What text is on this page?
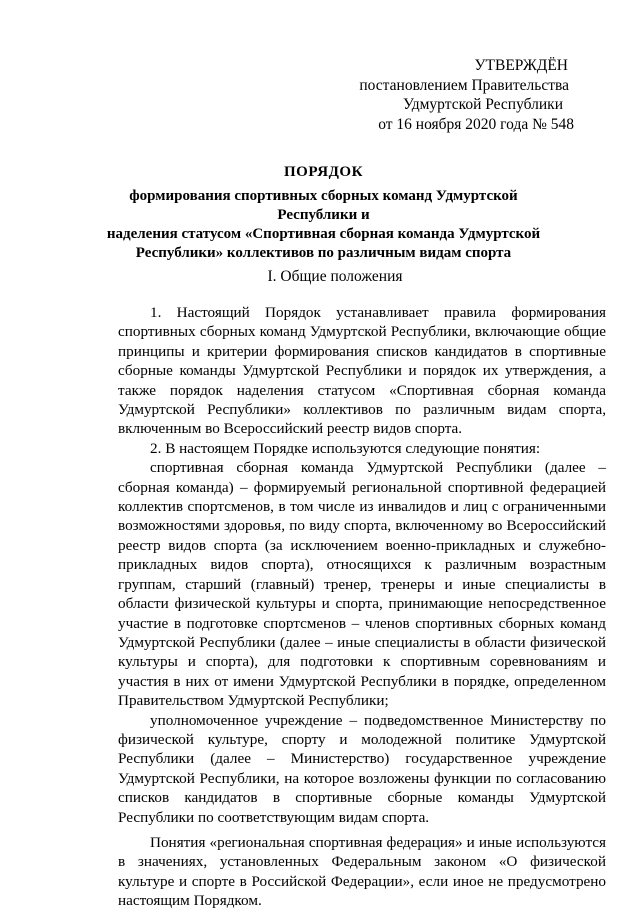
УТВЕРЖДЁН
постановлением Правительства
Удмуртской Республики
от 16 ноября 2020 года № 548
ПОРЯДОК
формирования спортивных сборных команд Удмуртской Республики и
наделения статусом «Спортивная сборная команда Удмуртской
Республики» коллективов по различным видам спорта
I. Общие положения

1. Настоящий Порядок устанавливает правила формирования спортивных сборных команд Удмуртской Республики, включающие общие принципы и критерии формирования списков кандидатов в спортивные сборные команды Удмуртской Республики и порядок их утверждения, а также порядок наделения статусом «Спортивная сборная команда Удмуртской Республики» коллективов по различным видам спорта, включенным во Всероссийский реестр видов спорта.

2. В настоящем Порядке используются следующие понятия:

спортивная сборная команда Удмуртской Республики (далее – сборная команда) – формируемый региональной спортивной федерацией коллектив спортсменов, в том числе из инвалидов и лиц с ограниченными возможностями здоровья, по виду спорта, включенному во Всероссийский реестр видов спорта (за исключением военно-прикладных и служебно-прикладных видов спорта), относящихся к различным возрастным группам, старший (главный) тренер, тренеры и иные специалисты в области физической культуры и спорта, принимающие непосредственное участие в подготовке спортсменов – членов спортивных сборных команд Удмуртской Республики (далее – иные специалисты в области физической культуры и спорта), для подготовки к спортивным соревнованиям и участия в них от имени Удмуртской Республики в порядке, определенном Правительством Удмуртской Республики;

уполномоченное учреждение – подведомственное Министерству по физической культуре, спорту и молодежной политике Удмуртской Республики (далее – Министерство) государственное учреждение Удмуртской Республики, на которое возложены функции по согласованию списков кандидатов в спортивные сборные команды Удмуртской Республики по соответствующим видам спорта.

Понятия «региональная спортивная федерация» и иные используются в значениях, установленных Федеральным законом «О физической культуре и спорте в Российской Федерации», если иное не предусмотрено настоящим Порядком.
